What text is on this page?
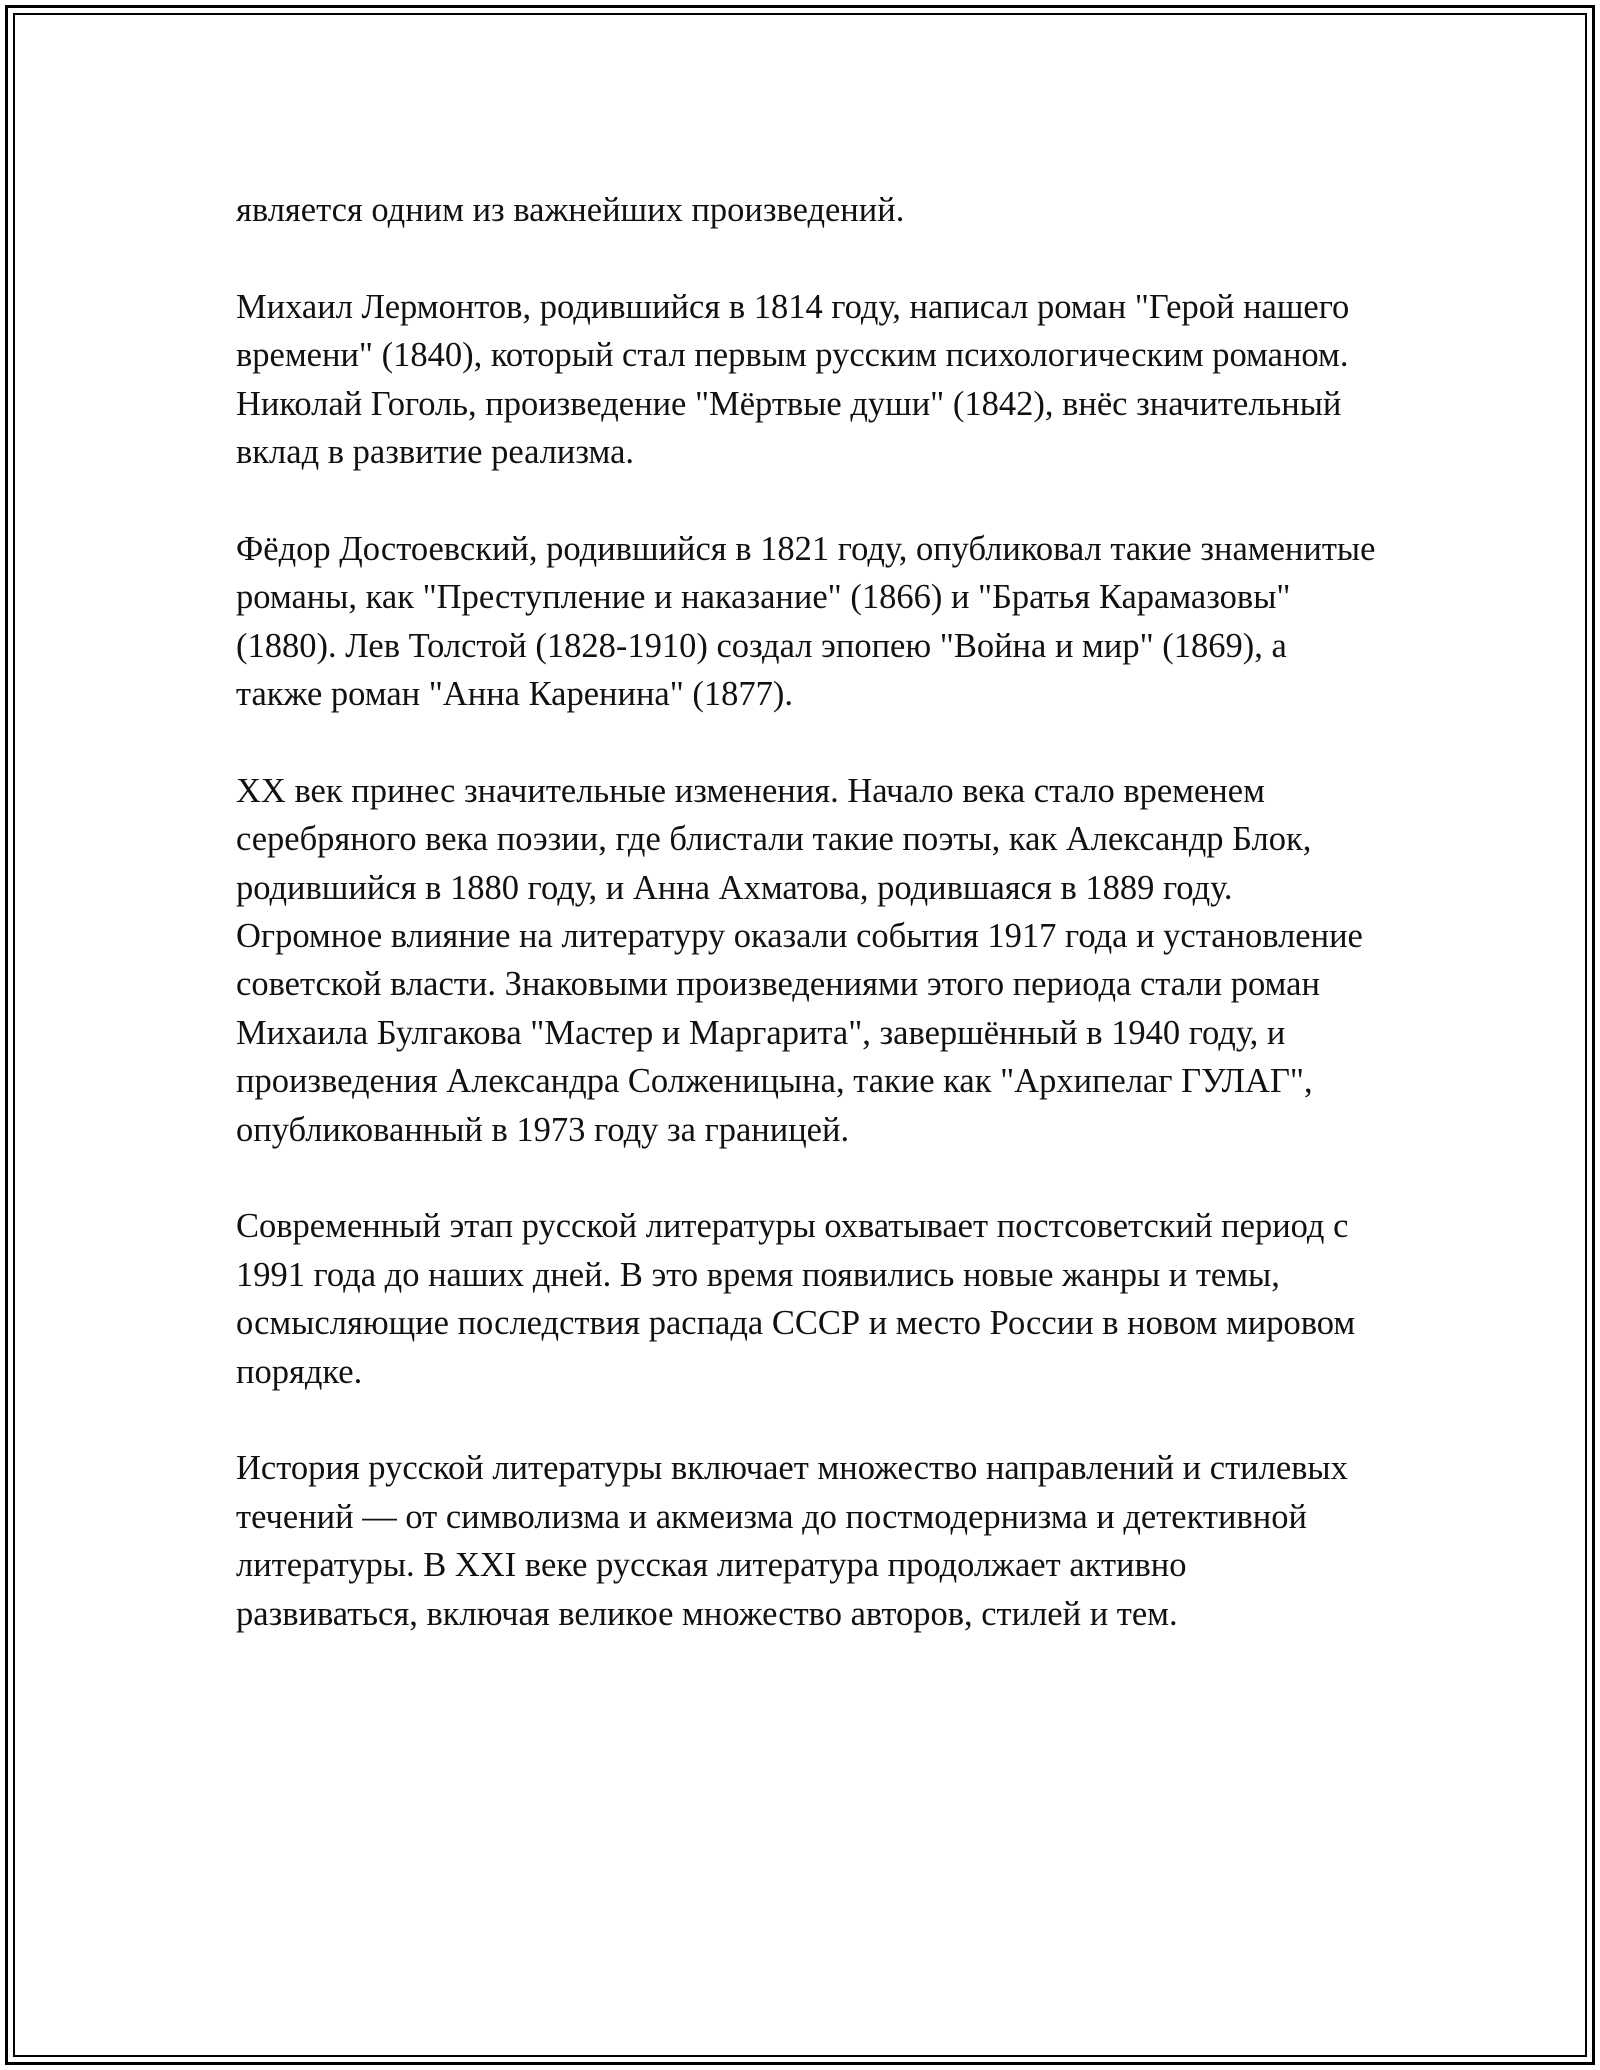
является одним из важнейших произведений.

Михаил Лермонтов, родившийся в 1814 году, написал роман "Герой нашего времени" (1840), который стал первым русским психологическим романом. Николай Гоголь, произведение "Мёртвые души" (1842), внёс значительный вклад в развитие реализма.

Фёдор Достоевский, родившийся в 1821 году, опубликовал такие знаменитые романы, как "Преступление и наказание" (1866) и "Братья Карамазовы" (1880). Лев Толстой (1828-1910) создал эпопею "Война и мир" (1869), а также роман "Анна Каренина" (1877).

XX век принес значительные изменения. Начало века стало временем серебряного века поэзии, где блистали такие поэты, как Александр Блок, родившийся в 1880 году, и Анна Ахматова, родившаяся в 1889 году. Огромное влияние на литературу оказали события 1917 года и установление советской власти. Знаковыми произведениями этого периода стали роман Михаила Булгакова "Мастер и Маргарита", завершённый в 1940 году, и произведения Александра Солженицына, такие как "Архипелаг ГУЛАГ", опубликованный в 1973 году за границей.

Современный этап русской литературы охватывает постсоветский период с 1991 года до наших дней. В это время появились новые жанры и темы, осмысляющие последствия распада СССР и место России в новом мировом порядке.

История русской литературы включает множество направлений и стилевых течений — от символизма и акмеизма до постмодернизма и детективной литературы. В XXI веке русская литература продолжает активно развиваться, включая великое множество авторов, стилей и тем.
